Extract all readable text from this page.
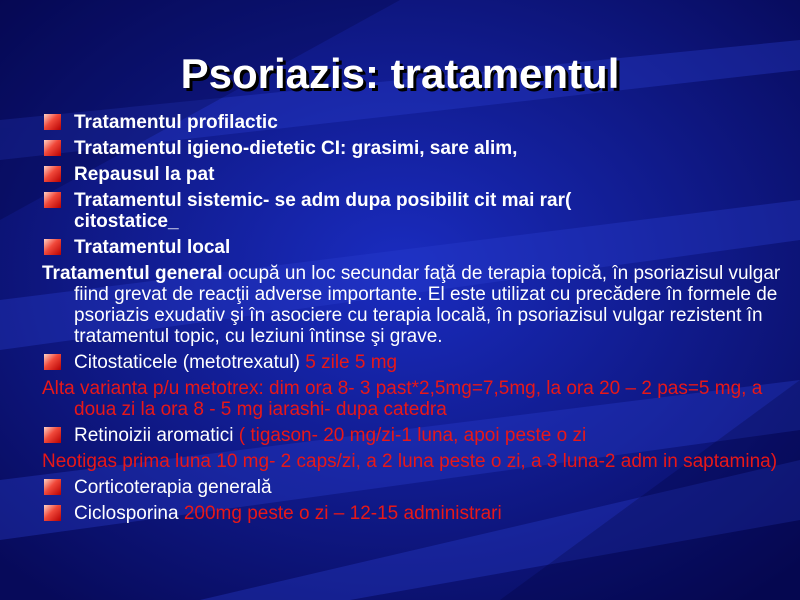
Psoriazis: tratamentul
Tratamentul profilactic
Tratamentul igieno-dietetic CI: grasimi, sare alim,
Repausul la pat
Tratamentul sistemic- se adm dupa posibilit cit mai rar( citostatice_
Tratamentul local
Tratamentul general ocupă un loc secundar faţă de terapia topică, în psoriazisul vulgar fiind grevat de reacţii adverse importante. El este utilizat cu precădere în formele de psoriazis exudativ şi în asociere cu terapia locală, în psoriazisul vulgar rezistent în tratamentul topic, cu leziuni întinse şi grave.
Citostaticele (metotrexatul) 5 zile 5 mg
Alta varianta p/u metotrex: dim ora 8- 3 past*2,5mg=7,5mg, la ora 20 – 2 pas=5 mg, a doua zi la ora 8 - 5 mg iarashi- dupa catedra
Retinoizii aromatici ( tigason- 20 mg/zi-1 luna, apoi peste o zi
Neotigas prima luna 10 mg- 2 caps/zi, a 2 luna peste o zi, a 3 luna-2 adm in saptamina)
Corticoterapia generală
Ciclosporina 200mg peste o zi – 12-15 administrari
